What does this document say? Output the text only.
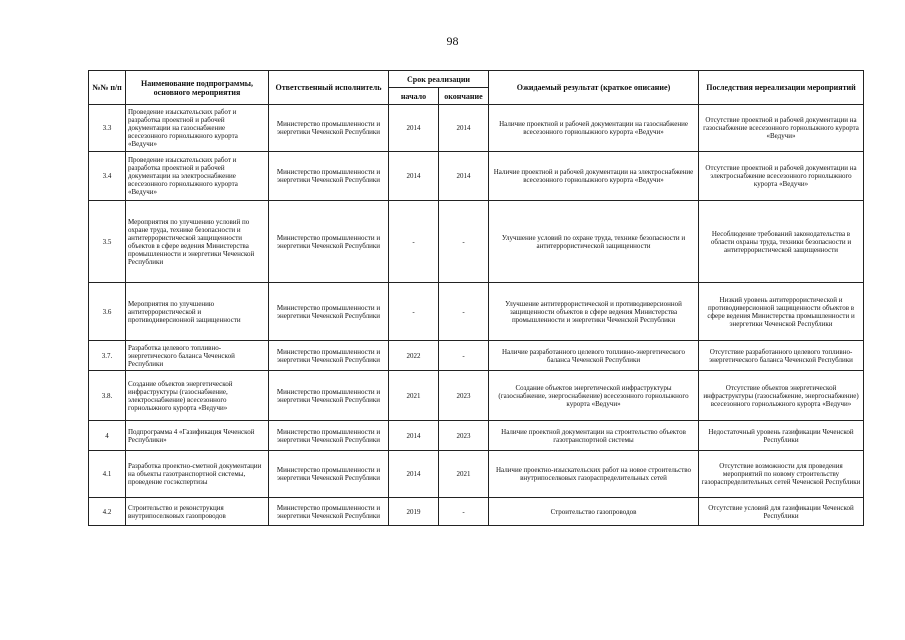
98
№№ п/п	Наименование подпрограммы, основного мероприятия	Ответственный исполнитель	Срок реализации		Ожидаемый результат (краткое описание)	Последствия нереализации мероприятий
			начало	окончание		
3.3	Проведение изыскательских работ и разработка проектной и рабочей документации на газоснабжение всесезонного горнолыжного курорта «Ведучи»	Министерство промышленности и энергетики Чеченской Республики	2014	2014	Наличие проектной и рабочей документации на газоснабжение всесезонного горнолыжного курорта «Ведучи»	Отсутствие проектной и рабочей документации на газоснабжение всесезонного горнолыжного курорта «Ведучи»
3.4	Проведение изыскательских работ и разработка проектной и рабочей документации на электроснабжение всесезонного горнолыжного курорта «Ведучи»	Министерство промышленности и энергетики Чеченской Республики	2014	2014	Наличие проектной и рабочей документации на электроснабжение всесезонного горнолыжного курорта «Ведучи»	Отсутствие проектной и рабочей документации на электроснабжение всесезонного горнолыжного курорта «Ведучи»
3.5	Мероприятия по улучшению условий по охране труда, технике безопасности и антитеррористической защищенности объектов в сфере ведения Министерства промышленности и энергетики Чеченской Республики	Министерство промышленности и энергетики Чеченской Республики	-	-	Улучшение условий по охране труда, технике безопасности и антитеррористической защищенности	Несоблюдение требований законодательства в области охраны труда, техники безопасности и антитеррористической защищенности
3.6	Мероприятия по улучшению антитеррористической и противодиверсионной защищенности	Министерство промышленности и энергетики Чеченской Республики	-	-	Улучшение антитеррористической и противодиверсионной защищенности объектов в сфере ведения Министерства промышленности и энергетики Чеченской Республики	Низкий уровень антитеррористической и противодиверсионной защищенности объектов в сфере ведения Министерства промышленности и энергетики Чеченской Республики
3.7.	Разработка целевого топливно-энергетического баланса Чеченской Республики	Министерство промышленности и энергетики Чеченской Республики	2022	-	Наличие разработанного целевого топливно-энергетического баланса Чеченской Республики	Отсутствие разработанного целевого топливно-энергетического баланса Чеченской Республики
3.8.	Создание объектов энергетической инфраструктуры (газоснабжение, электроснабжение) всесезонного горнолыжного курорта «Ведучи»	Министерство промышленности и энергетики Чеченской Республики	2021	2023	Создание объектов энергетической инфраструктуры (газоснабжение, энергоснабжение) всесезонного горнолыжного курорта «Ведучи»	Отсутствие объектов энергетической инфраструктуры (газоснабжение, энергоснабжение) всесезонного горнолыжного курорта «Ведучи»
4	Подпрограмма 4 «Газификация Чеченской Республики»	Министерство промышленности и энергетики Чеченской Республики	2014	2023	Наличие проектной документации на строительство объектов газотранспортной системы	Недостаточный уровень газификации Чеченской Республики
4.1	Разработка проектно-сметной документации на объекты газотранспортной системы, проведение госэкспертизы	Министерство промышленности и энергетики Чеченской Республики	2014	2021	Наличие проектно-изыскательских работ на новое строительство внутрипоселковых газораспределительных сетей	Отсутствие возможности для проведения мероприятий по новому строительству газораспределительных сетей Чеченской Республики
4.2	Строительство и реконструкция внутрипоселковых газопроводов	Министерство промышленности и энергетики Чеченской Республики	2019	-	Строительство газопроводов	Отсутствие условий для газификации Чеченской Республики
